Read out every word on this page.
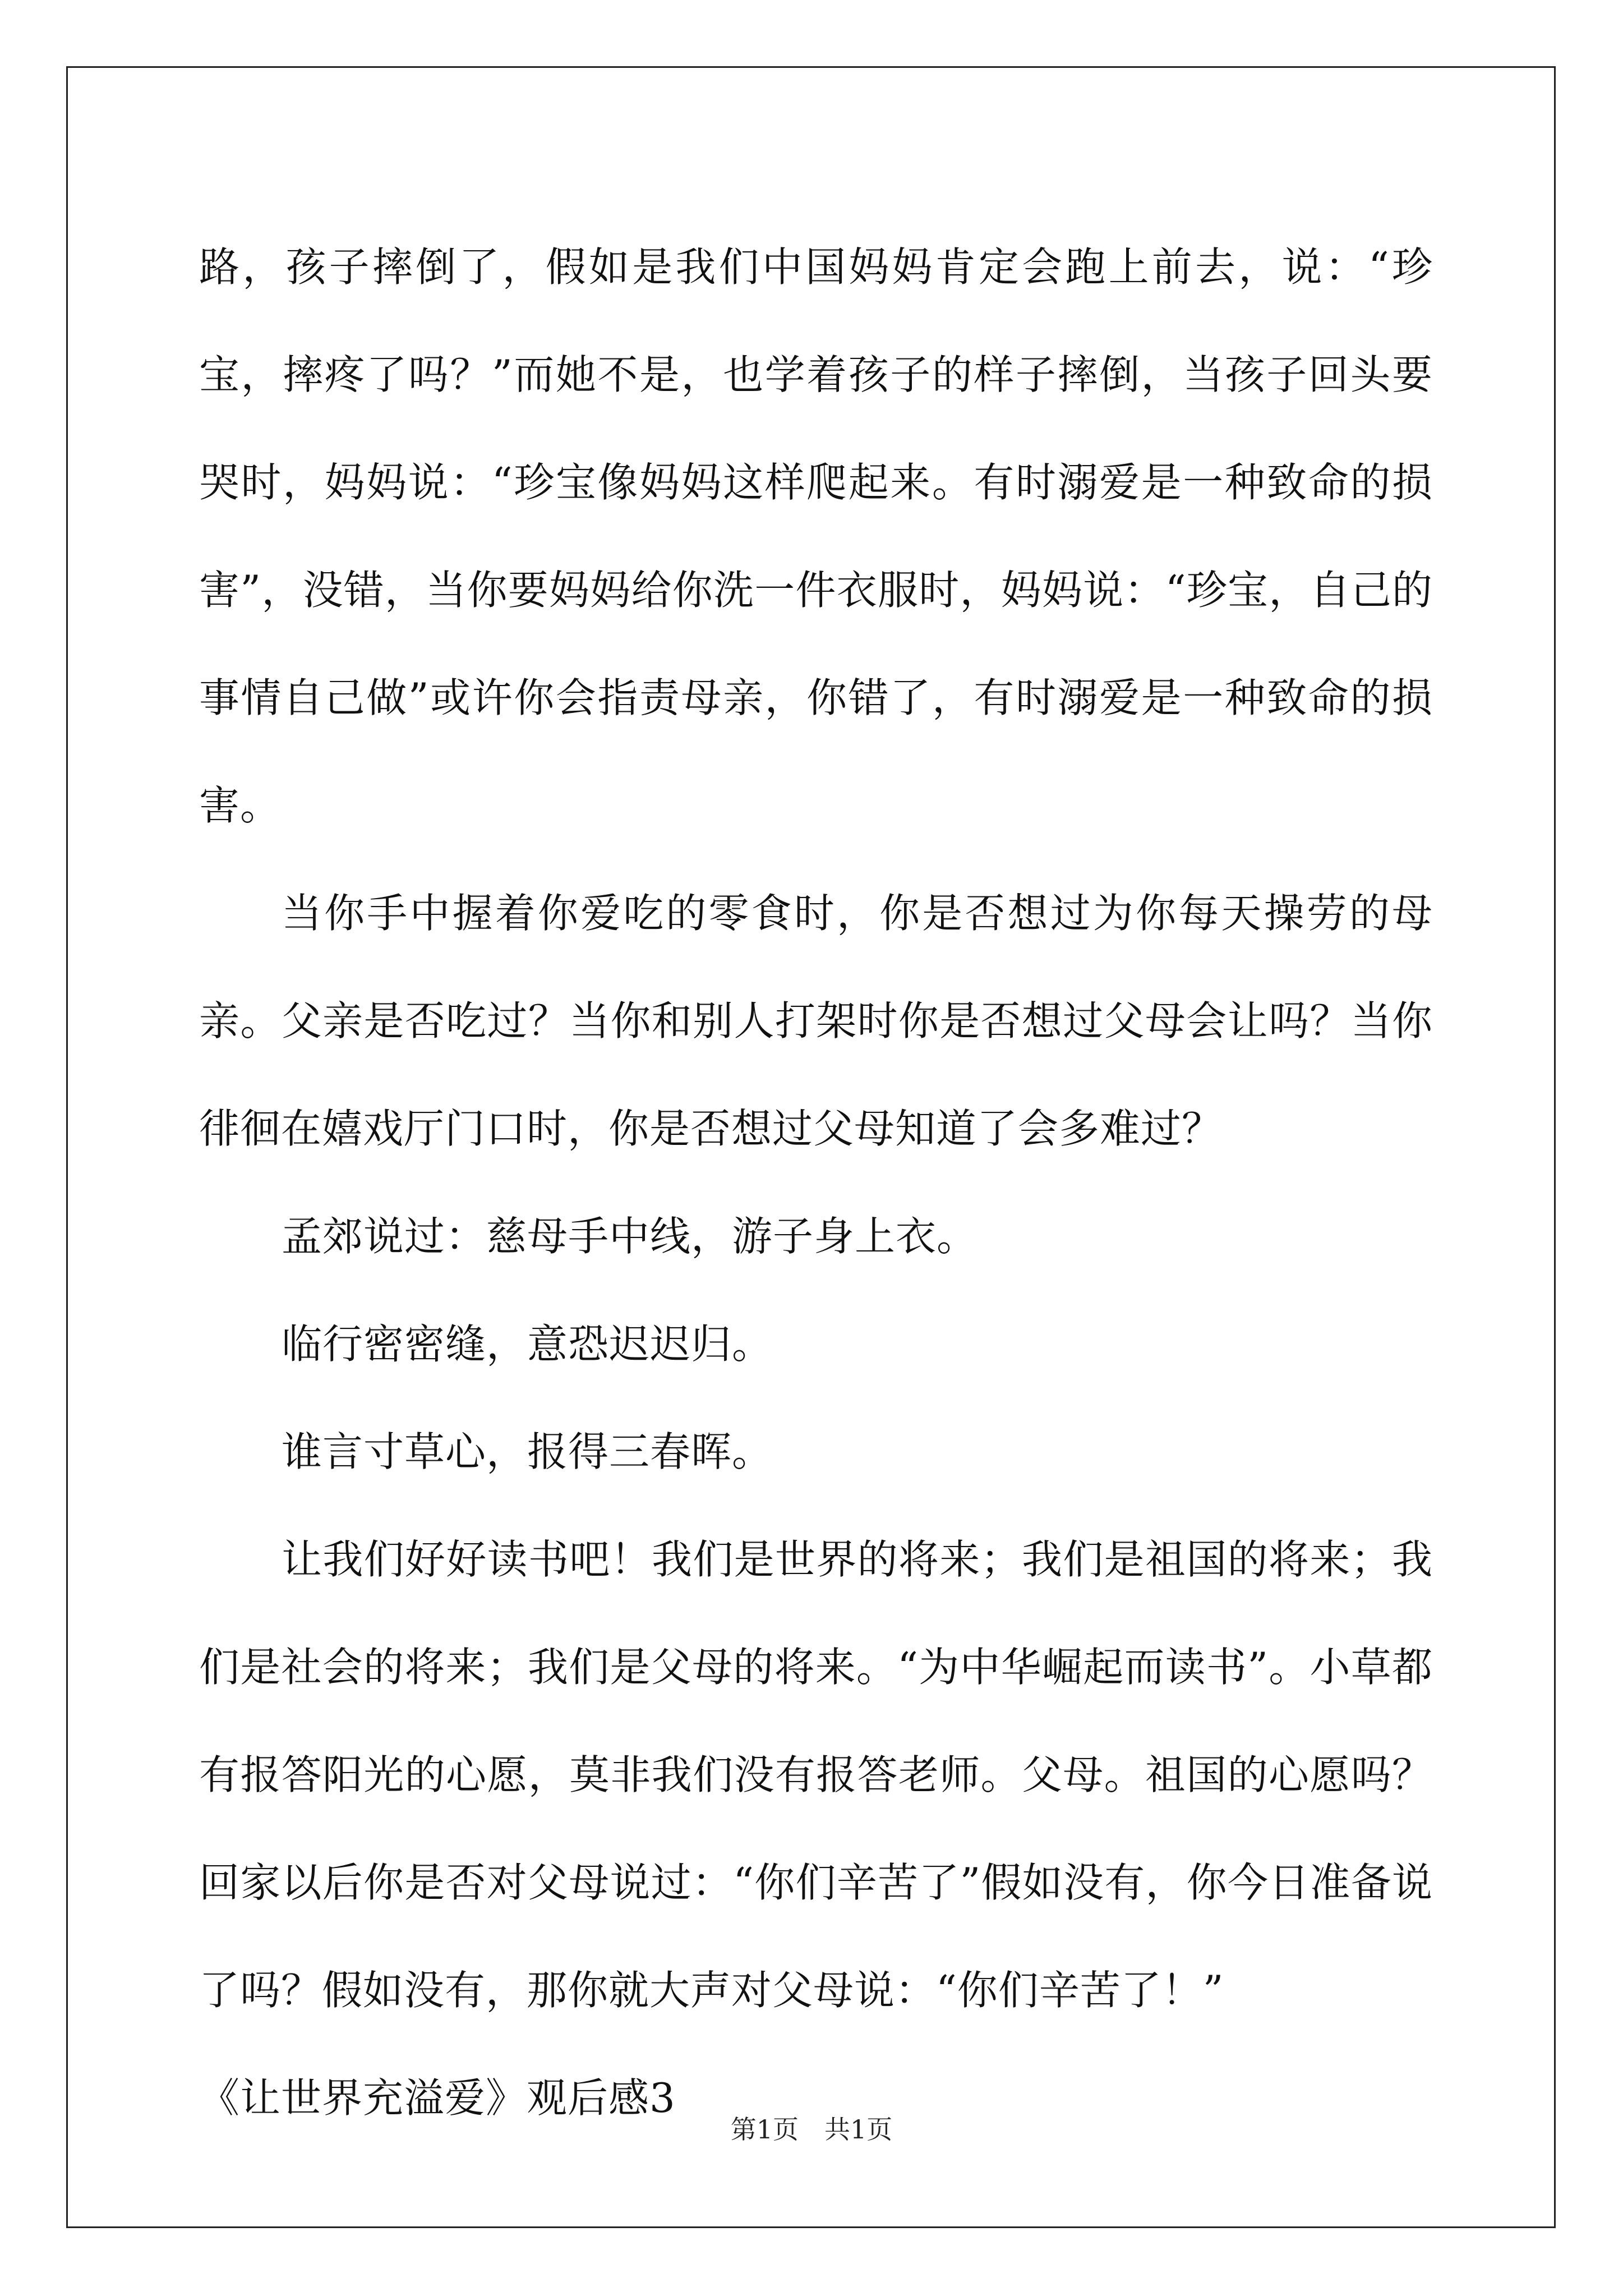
路，孩子摔倒了，假如是我们中国妈妈肯定会跑上前去，说：“珍宝，摔疼了吗？”而她不是，也学着孩子的样子摔倒，当孩子回头要哭时，妈妈说：“珍宝像妈妈这样爬起来。有时溺爱是一种致命的损害”，没错，当你要妈妈给你洗一件衣服时，妈妈说：“珍宝，自己的事情自己做”或许你会指责母亲，你错了，有时溺爱是一种致命的损害。

当你手中握着你爱吃的零食时，你是否想过为你每天操劳的母亲。父亲是否吃过？当你和别人打架时你是否想过父母会让吗？当你徘徊在嬉戏厅门口时，你是否想过父母知道了会多难过？

孟郊说过：慈母手中线，游子身上衣。

临行密密缝，意恐迟迟归。

谁言寸草心，报得三春晖。

让我们好好读书吧！我们是世界的将来；我们是祖国的将来；我们是社会的将来；我们是父母的将来。“为中华崛起而读书”。小草都有报答阳光的心愿，莫非我们没有报答老师。父母。祖国的心愿吗？回家以后你是否对父母说过：“你们辛苦了”假如没有，你今日准备说了吗？假如没有，那你就大声对父母说：“你们辛苦了！”

《让世界充溢爱》观后感3

第1页　共1页
